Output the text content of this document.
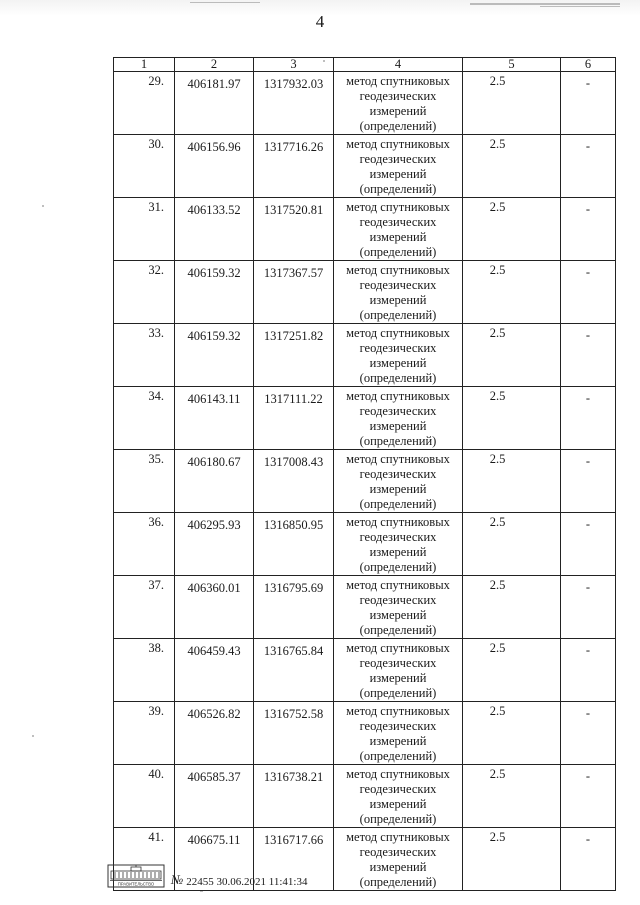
4
1	2	3	4	5	6
29.	406181.97	1317932.03	метод спутниковых геодезических измерений (определений)	2.5	-
30.	406156.96	1317716.26	метод спутниковых геодезических измерений (определений)	2.5	-
31.	406133.52	1317520.81	метод спутниковых геодезических измерений (определений)	2.5	-
32.	406159.32	1317367.57	метод спутниковых геодезических измерений (определений)	2.5	-
33.	406159.32	1317251.82	метод спутниковых геодезических измерений (определений)	2.5	-
34.	406143.11	1317111.22	метод спутниковых геодезических измерений (определений)	2.5	-
35.	406180.67	1317008.43	метод спутниковых геодезических измерений (определений)	2.5	-
36.	406295.93	1316850.95	метод спутниковых геодезических измерений (определений)	2.5	-
37.	406360.01	1316795.69	метод спутниковых геодезических измерений (определений)	2.5	-
38.	406459.43	1316765.84	метод спутниковых геодезических измерений (определений)	2.5	-
39.	406526.82	1316752.58	метод спутниковых геодезических измерений (определений)	2.5	-
40.	406585.37	1316738.21	метод спутниковых геодезических измерений (определений)	2.5	-
41.	406675.11	1316717.66	метод спутниковых геодезических измерений (определений)	2.5	-
ПРАВИТЕЛЬСТВО № 22455 30.06.2021 11:41:34
